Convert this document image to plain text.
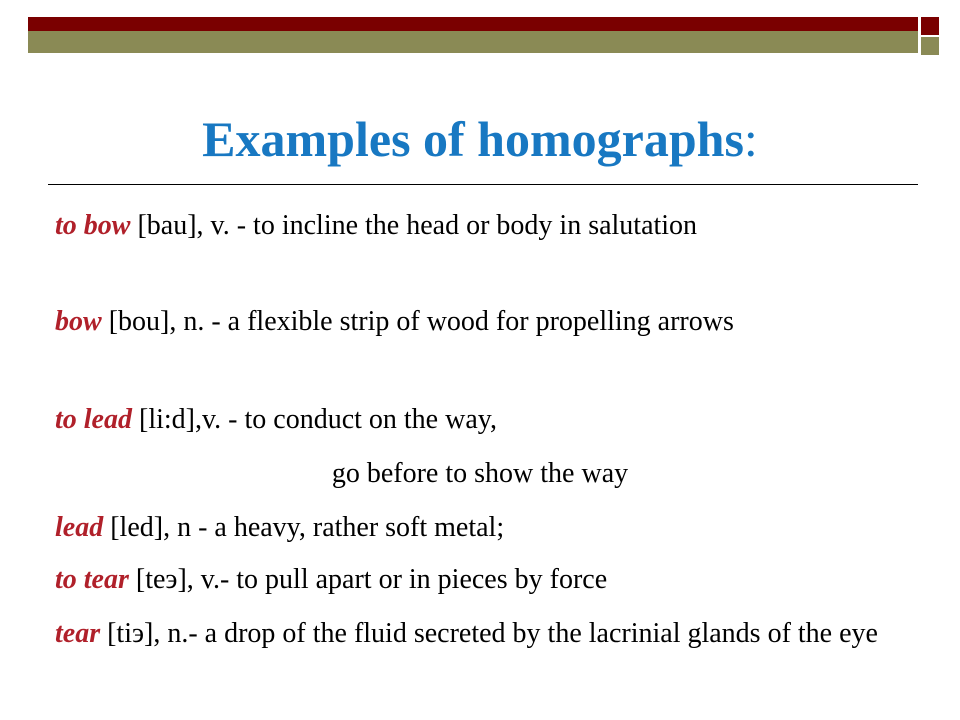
Examples of homographs:
to bow [bau], v. - to incline the head or body in salutation
bow [bou], n. - a flexible strip of wood for propelling arrows
to lead [li:d],v. - to conduct on the way,
go before to show the way
lead [led], n - a heavy, rather soft metal;
to tear [teэ], v.- to pull apart or in pieces by force
tear [tiэ], n.- a drop of the fluid secreted by the lacrinial glands of the eye
